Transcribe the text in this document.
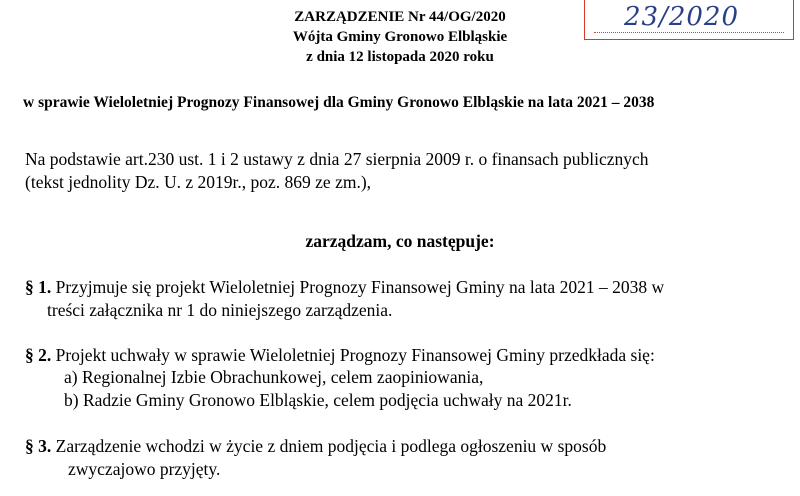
ZARZĄDZENIE Nr 44/OG/2020
Wójta Gminy Gronowo Elbląskie
z dnia 12 listopada 2020 roku
23/2020
w sprawie Wieloletniej Prognozy Finansowej dla Gminy Gronowo Elbląskie na lata 2021 – 2038
Na podstawie art.230 ust. 1 i 2 ustawy z dnia 27 sierpnia 2009 r. o finansach publicznych
(tekst jednolity Dz. U. z 2019r., poz. 869 ze zm.),
zarządzam, co następuje:
§ 1. Przyjmuje się projekt Wieloletniej Prognozy Finansowej Gminy na lata 2021 – 2038 w
treści załącznika nr 1 do niniejszego zarządzenia.
§ 2. Projekt uchwały w sprawie Wieloletniej Prognozy Finansowej Gminy przedkłada się:
a) Regionalnej Izbie Obrachunkowej, celem zaopiniowania,
b) Radzie Gminy Gronowo Elbląskie, celem podjęcia uchwały na 2021r.
§ 3. Zarządzenie wchodzi w życie z dniem podjęcia i podlega ogłoszeniu w sposób
zwyczajowo przyjęty.
